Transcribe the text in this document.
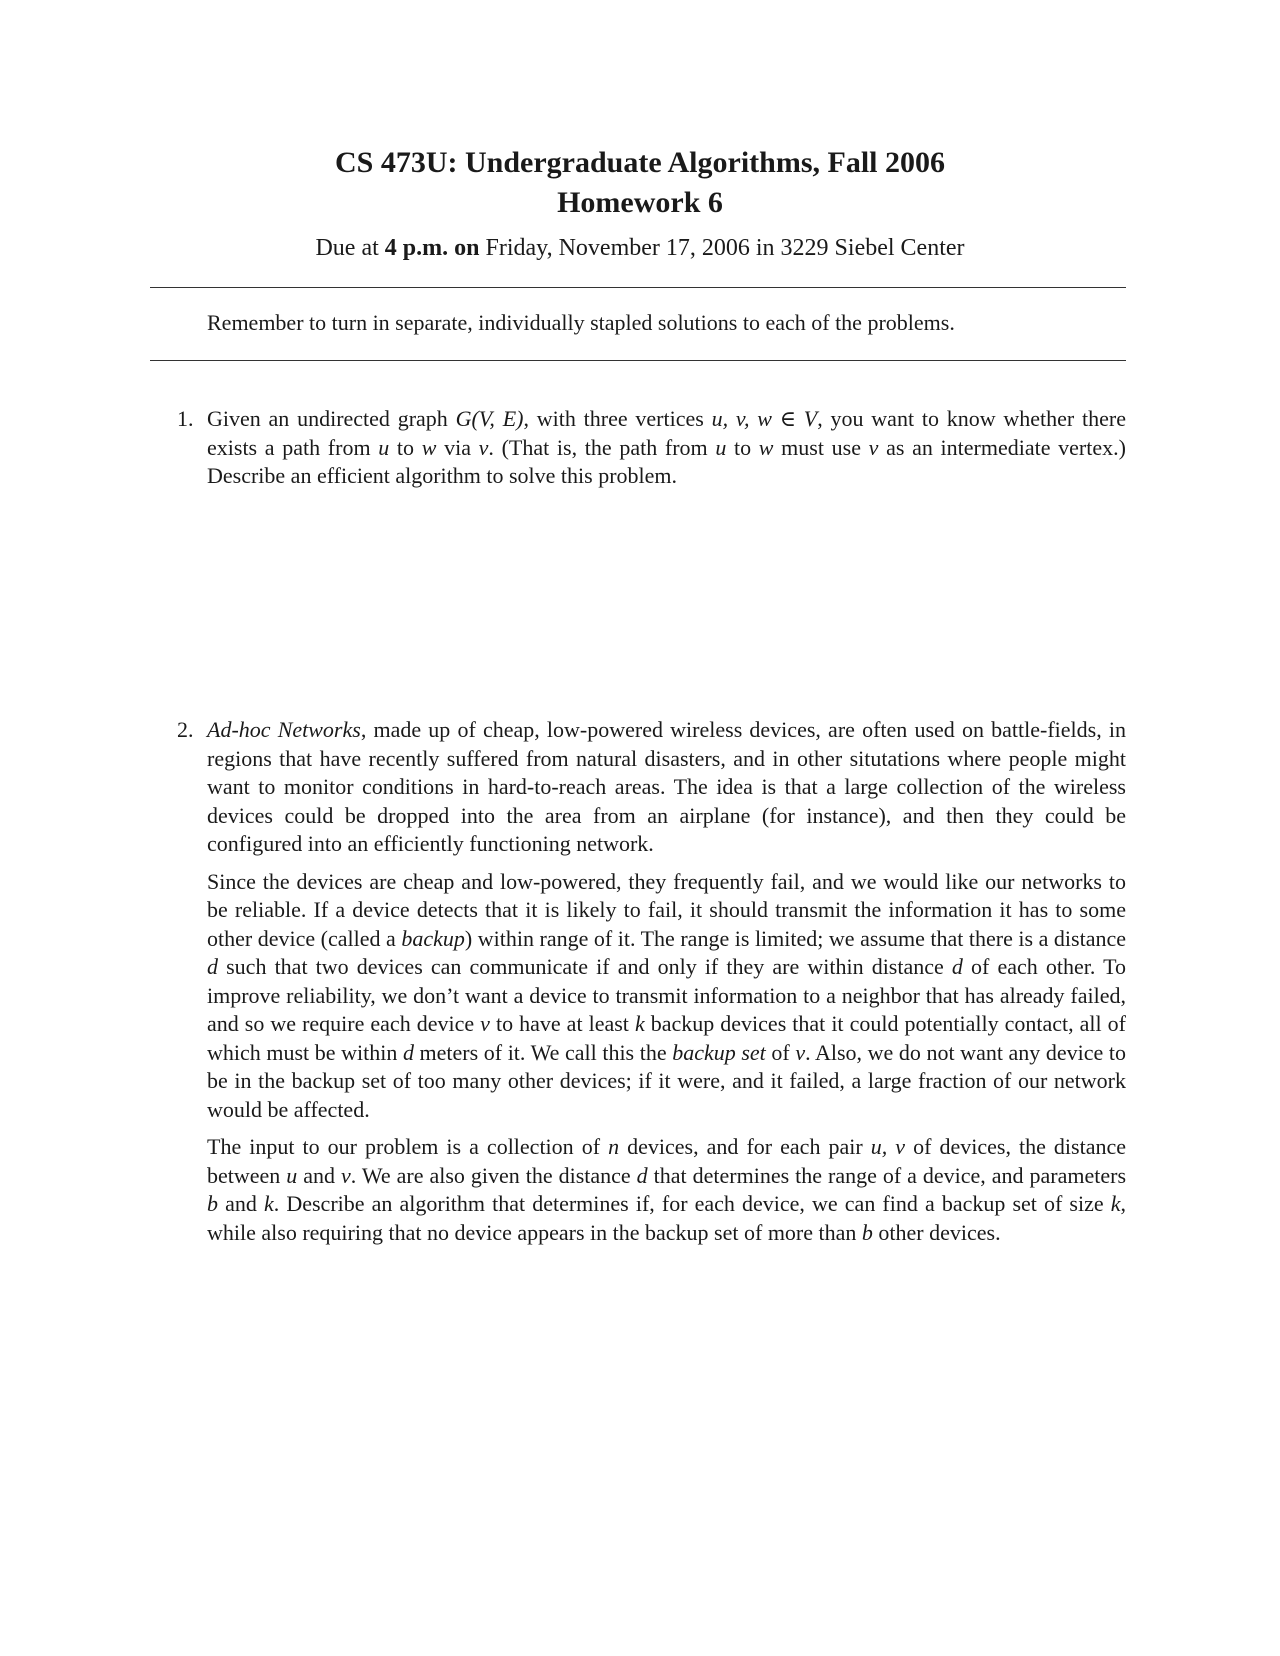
CS 473U: Undergraduate Algorithms, Fall 2006
Homework 6
Due at 4 p.m. on Friday, November 17, 2006 in 3229 Siebel Center
Remember to turn in separate, individually stapled solutions to each of the problems.
1. Given an undirected graph G(V, E), with three vertices u, v, w ∈ V, you want to know whether there exists a path from u to w via v. (That is, the path from u to w must use v as an intermediate vertex.) Describe an efficient algorithm to solve this problem.

2. Ad-hoc Networks, made up of cheap, low-powered wireless devices, are often used on battle-fields, in regions that have recently suffered from natural disasters, and in other situtations where people might want to monitor conditions in hard-to-reach areas. The idea is that a large collection of the wireless devices could be dropped into the area from an airplane (for instance), and then they could be configured into an efficiently functioning network.

Since the devices are cheap and low-powered, they frequently fail, and we would like our networks to be reliable. If a device detects that it is likely to fail, it should transmit the information it has to some other device (called a backup) within range of it. The range is limited; we assume that there is a distance d such that two devices can communicate if and only if they are within distance d of each other. To improve reliability, we don’t want a device to transmit information to a neighbor that has already failed, and so we require each device v to have at least k backup devices that it could potentially contact, all of which must be within d meters of it. We call this the backup set of v. Also, we do not want any device to be in the backup set of too many other devices; if it were, and it failed, a large fraction of our network would be affected.

The input to our problem is a collection of n devices, and for each pair u, v of devices, the distance between u and v. We are also given the distance d that determines the range of a device, and parameters b and k. Describe an algorithm that determines if, for each device, we can find a backup set of size k, while also requiring that no device appears in the backup set of more than b other devices.
